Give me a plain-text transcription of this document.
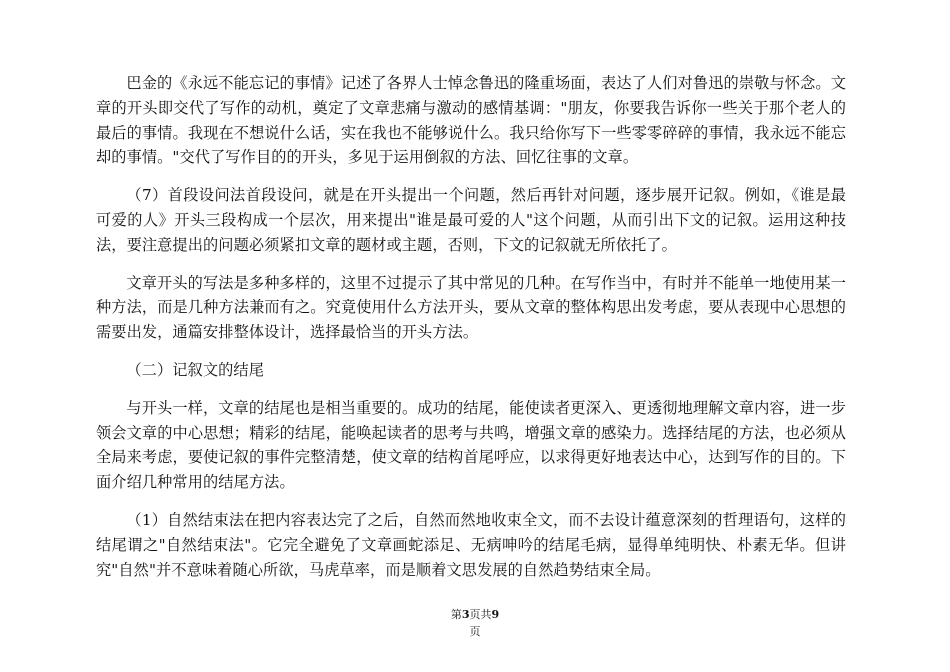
巴金的《永远不能忘记的事情》记述了各界人士悼念鲁迅的隆重场面，表达了人们对鲁迅的崇敬与怀念。文章的开头即交代了写作的动机，奠定了文章悲痛与激动的感情基调："朋友，你要我告诉你一些关于那个老人的最后的事情。我现在不想说什么话，实在我也不能够说什么。我只给你写下一些零零碎碎的事情，我永远不能忘却的事情。"交代了写作目的的开头，多见于运用倒叙的方法、回忆往事的文章。

（7）首段设问法首段设问，就是在开头提出一个问题，然后再针对问题，逐步展开记叙。例如，《谁是最可爱的人》开头三段构成一个层次，用来提出"谁是最可爱的人"这个问题，从而引出下文的记叙。运用这种技法，要注意提出的问题必须紧扣文章的题材或主题，否则，下文的记叙就无所依托了。

文章开头的写法是多种多样的，这里不过提示了其中常见的几种。在写作当中，有时并不能单一地使用某一种方法，而是几种方法兼而有之。究竟使用什么方法开头，要从文章的整体构思出发考虑，要从表现中心思想的需要出发，通篇安排整体设计，选择最恰当的开头方法。

（二）记叙文的结尾

与开头一样，文章的结尾也是相当重要的。成功的结尾，能使读者更深入、更透彻地理解文章内容，进一步领会文章的中心思想；精彩的结尾，能唤起读者的思考与共鸣，增强文章的感染力。选择结尾的方法，也必须从全局来考虑，要使记叙的事件完整清楚，使文章的结构首尾呼应，以求得更好地表达中心，达到写作的目的。下面介绍几种常用的结尾方法。

（1）自然结束法在把内容表达完了之后，自然而然地收束全文，而不去设计蕴意深刻的哲理语句，这样的结尾谓之"自然结束法"。它完全避免了文章画蛇添足、无病呻吟的结尾毛病，显得单纯明快、朴素无华。但讲究"自然"并不意味着随心所欲，马虎草率，而是顺着文思发展的自然趋势结束全局。

第3页共9
页
